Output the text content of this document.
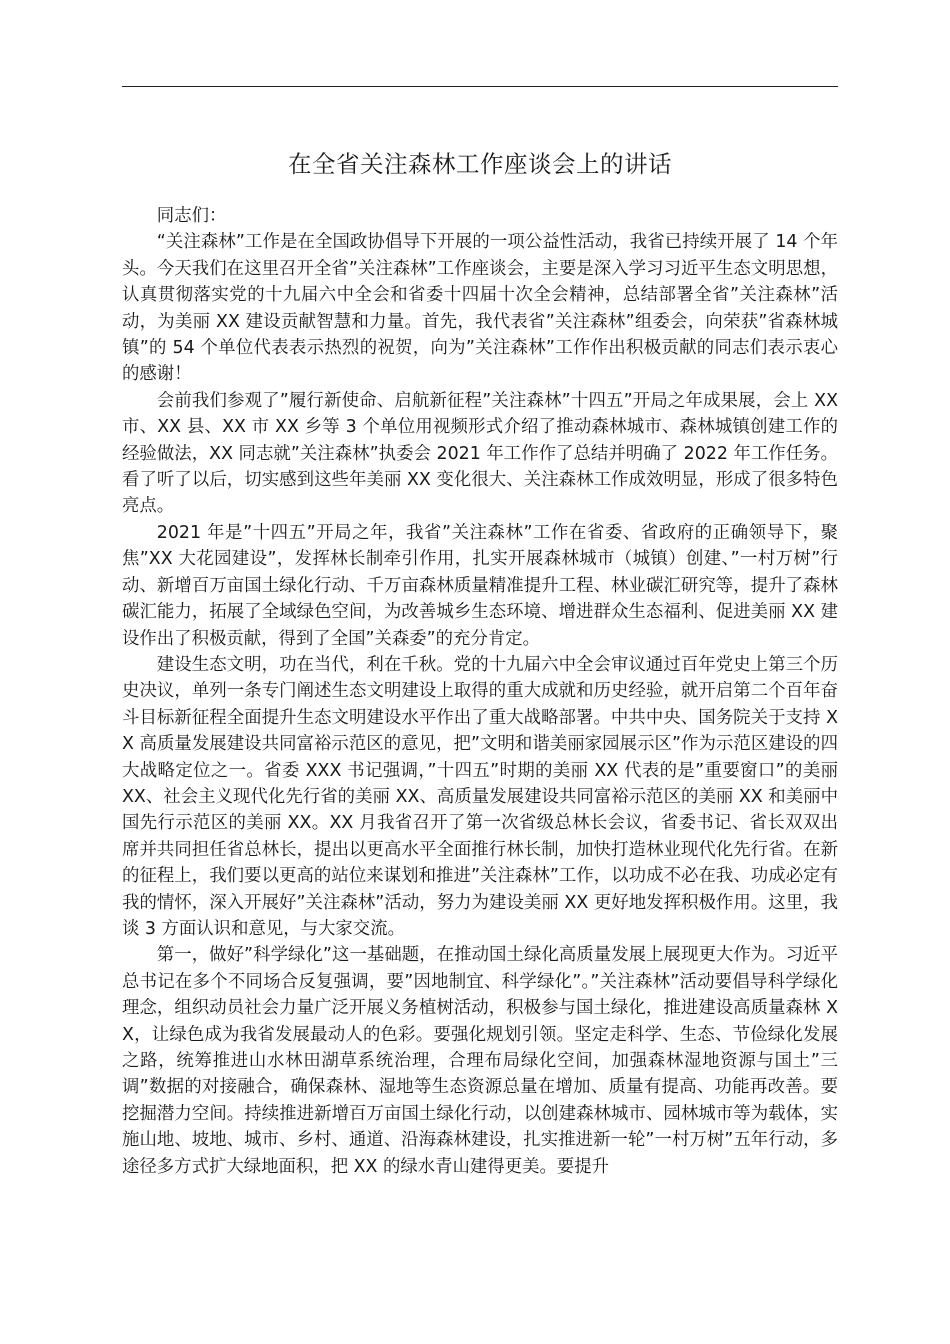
在全省关注森林工作座谈会上的讲话

同志们：

“关注森林”工作是在全国政协倡导下开展的一项公益性活动，我省已持续开展了 14 个年头。今天我们在这里召开全省”关注森林”工作座谈会，主要是深入学习习近平生态文明思想，认真贯彻落实党的十九届六中全会和省委十四届十次全会精神，总结部署全省”关注森林”活动，为美丽 XX 建设贡献智慧和力量。首先，我代表省”关注森林”组委会，向荣获”省森林城镇”的 54 个单位代表表示热烈的祝贺，向为”关注森林”工作作出积极贡献的同志们表示衷心的感谢！

会前我们参观了”履行新使命、启航新征程”关注森林”十四五”开局之年成果展，会上 XX 市、XX 县、XX 市 XX 乡等 3 个单位用视频形式介绍了推动森林城市、森林城镇创建工作的经验做法，XX 同志就”关注森林”执委会 2021 年工作作了总结并明确了 2022 年工作任务。看了听了以后，切实感到这些年美丽 XX 变化很大、关注森林工作成效明显，形成了很多特色亮点。

2021 年是”十四五”开局之年，我省”关注森林”工作在省委、省政府的正确领导下，聚焦”XX 大花园建设”，发挥林长制牵引作用，扎实开展森林城市（城镇）创建、”一村万树”行动、新增百万亩国土绿化行动、千万亩森林质量精准提升工程、林业碳汇研究等，提升了森林碳汇能力，拓展了全域绿色空间，为改善城乡生态环境、增进群众生态福利、促进美丽 XX 建设作出了积极贡献，得到了全国”关森委”的充分肯定。

建设生态文明，功在当代，利在千秋。党的十九届六中全会审议通过百年党史上第三个历史决议，单列一条专门阐述生态文明建设上取得的重大成就和历史经验，就开启第二个百年奋斗目标新征程全面提升生态文明建设水平作出了重大战略部署。中共中央、国务院关于支持 XX 高质量发展建设共同富裕示范区的意见，把”文明和谐美丽家园展示区”作为示范区建设的四大战略定位之一。省委 XXX 书记强调，”十四五”时期的美丽 XX 代表的是”重要窗口”的美丽 XX、社会主义现代化先行省的美丽 XX、高质量发展建设共同富裕示范区的美丽 XX 和美丽中国先行示范区的美丽 XX。XX 月我省召开了第一次省级总林长会议，省委书记、省长双双出席并共同担任省总林长，提出以更高水平全面推行林长制，加快打造林业现代化先行省。在新的征程上，我们要以更高的站位来谋划和推进”关注森林”工作，以功成不必在我、功成必定有我的情怀，深入开展好”关注森林”活动，努力为建设美丽 XX 更好地发挥积极作用。这里，我谈 3 方面认识和意见，与大家交流。

第一，做好”科学绿化”这一基础题，在推动国土绿化高质量发展上展现更大作为。习近平总书记在多个不同场合反复强调，要”因地制宜、科学绿化”。”关注森林”活动要倡导科学绿化理念，组织动员社会力量广泛开展义务植树活动，积极参与国土绿化，推进建设高质量森林 XX，让绿色成为我省发展最动人的色彩。要强化规划引领。坚定走科学、生态、节俭绿化发展之路，统筹推进山水林田湖草系统治理，合理布局绿化空间，加强森林湿地资源与国土”三调”数据的对接融合，确保森林、湿地等生态资源总量在增加、质量有提高、功能再改善。要挖掘潜力空间。持续推进新增百万亩国土绿化行动，以创建森林城市、园林城市等为载体，实施山地、坡地、城市、乡村、通道、沿海森林建设，扎实推进新一轮”一村万树”五年行动，多途径多方式扩大绿地面积，把 XX 的绿水青山建得更美。要提升
